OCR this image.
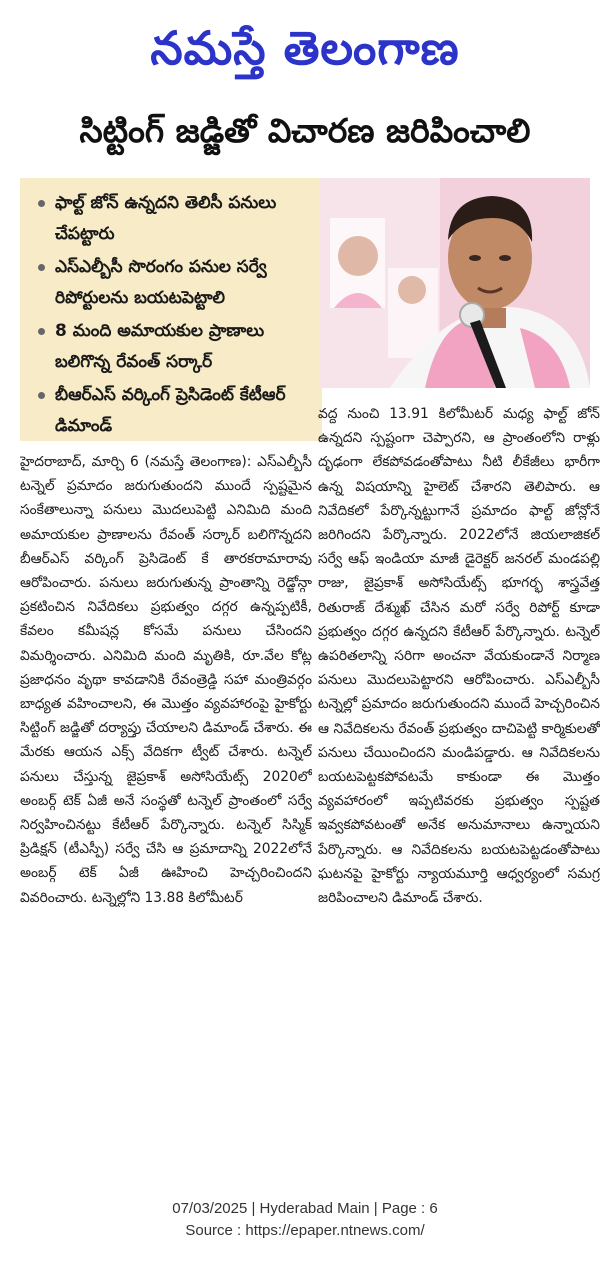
నమస్తే తెలంగాణ
సిట్టింగ్ జడ్జితో విచారణ జరిపించాలి
ఫాల్ట్ జోన్ ఉన్నదని తెలిసీ పనులు చేపట్టారు
ఎస్ఎల్బీసీ సొరంగం పనుల సర్వే రిపోర్టులను బయటపెట్టాలి
8 మంది అమాయకుల ప్రాణాలు బలిగొన్న రేవంత్ సర్కార్
బీఆర్ఎస్ వర్కింగ్ ప్రెసిడెంట్ కేటీఆర్ డిమాండ్
హైదరాబాద్, మార్చి 6 (నమస్తే తెలంగాణ): ఎస్ఎల్బీసీ టన్నెల్ ప్రమాదం జరుగుతుందని ముందే స్పష్టమైన సంకేతాలున్నా పనులు మొదలుపెట్టి ఎనిమిది మంది అమాయకుల ప్రాణాలను రేవంత్ సర్కార్ బలిగొన్నదని బీఆర్ఎస్ వర్కింగ్ ప్రెసిడెంట్ కే తారకరామారావు ఆరోపించారు. పనులు జరుగుతున్న ప్రాంతాన్ని రెడ్జోన్గా ప్రకటించిన నివేదికలు ప్రభుత్వం దగ్గర ఉన్నప్పటికీ, కేవలం కమీషన్ల కోసమే పనులు చేసిందని విమర్శించారు. ఎనిమిది మంది మృతికి, రూ.వేల కోట్ల ప్రజాధనం వృథా కావడానికి రేవంత్రెడ్డి సహా మంత్రివర్గం బాధ్యత వహించాలని, ఈ మొత్తం వ్యవహారంపై హైకోర్టు సిట్టింగ్ జడ్జితో దర్యాప్తు చేయాలని డిమాండ్ చేశారు. ఈ మేరకు ఆయన ఎక్స్ వేదికగా ట్వీట్ చేశారు. టన్నెల్ పనులు చేస్తున్న జైప్రకాశ్ అసోసియేట్స్ 2020లో అంబర్గ్ టెక్ ఏజీ అనే సంస్థతో టన్నెల్ ప్రాంతంలో సర్వే నిర్వహించినట్టు కేటీఆర్ పేర్కొన్నారు. టన్నెల్ సిస్మిక్ ప్రిడిక్షన్ (టీఎస్పీ) సర్వే చేసి ఆ ప్రమాదాన్ని 2022లోనే అంబర్గ్ టెక్ ఏజీ ఊహించి హెచ్చరించిందని వివరించారు. టన్నెల్లోని 13.88 కిలోమీటర్
వద్ద నుంచి 13.91 కిలోమీటర్ మధ్య ఫాల్ట్ జోన్ ఉన్నదని స్పష్టంగా చెప్పారని, ఆ ప్రాంతంలోని రాళ్లు దృఢంగా లేకపోవడంతోపాటు నీటి లీకేజీలు భారీగా ఉన్న విషయాన్ని హైలెట్ చేశారని తెలిపారు. ఆ నివేదికలో పేర్కొన్నట్టుగానే ప్రమాదం ఫాల్ట్ జోన్లోనే జరిగిందని పేర్కొన్నారు. 2022లోనే జియలాజికల్ సర్వే ఆఫ్ ఇండియా మాజీ డైరెక్టర్ జనరల్ మండపల్లి రాజు, జైప్రకాశ్ అసోసియేట్స్ భూగర్భ శాస్త్రవేత్త రితురాజ్ దేశ్ముఖ్ చేసిన మరో సర్వే రిపోర్ట్ కూడా ప్రభుత్వం దగ్గర ఉన్నదని కేటీఆర్ పేర్కొన్నారు. టన్నెల్ ఉపరితలాన్ని సరిగా అంచనా వేయకుండానే నిర్మాణ పనులు మొదలుపెట్టారని ఆరోపించారు. ఎస్ఎల్బీసీ టన్నెల్లో ప్రమాదం జరుగుతుందని ముందే హెచ్చరించిన ఆ నివేదికలను రేవంత్ ప్రభుత్వం దాచిపెట్టి కార్మికులతో పనులు చేయించిందని మండిపడ్డారు. ఆ నివేదికలను బయటపెట్టకపోవటమే కాకుండా ఈ మొత్తం వ్యవహారంలో ఇప్పటివరకు ప్రభుత్వం స్పష్టత ఇవ్వకపోవటంతో అనేక అనుమానాలు ఉన్నాయని పేర్కొన్నారు. ఆ నివేదికలను బయటపెట్టడంతోపాటు ఘటనపై హైకోర్టు న్యాయమూర్తి ఆధ్వర్యంలో సమగ్ర జరిపించాలని డిమాండ్ చేశారు.
07/03/2025 | Hyderabad Main | Page : 6
Source : https://epaper.ntnews.com/
